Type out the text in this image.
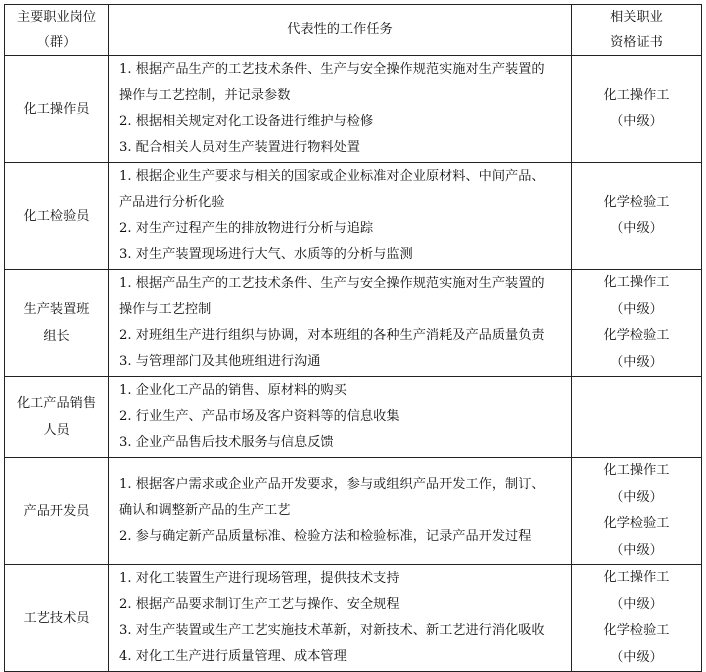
主要职业岗位
（群）	代表性的工作任务	相关职业
资格证书

化工操作员	1. 根据产品生产的工艺技术条件、生产与安全操作规范实施对生产装置的
操作与工艺控制，并记录参数
2. 根据相关规定对化工设备进行维护与检修
3. 配合相关人员对生产装置进行物料处置	化工操作工
（中级）

化工检验员	1. 根据企业生产要求与相关的国家或企业标准对企业原材料、中间产品、
产品进行分析化验
2. 对生产过程产生的排放物进行分析与追踪
3. 对生产装置现场进行大气、水质等的分析与监测	化学检验工
（中级）

生产装置班
组长	1. 根据产品生产的工艺技术条件、生产与安全操作规范实施对生产装置的
操作与工艺控制
2. 对班组生产进行组织与协调，对本班组的各种生产消耗及产品质量负责
3. 与管理部门及其他班组进行沟通	化工操作工
（中级）
化学检验工
（中级）

化工产品销售
人员	1. 企业化工产品的销售、原材料的购买
2. 行业生产、产品市场及客户资料等的信息收集
3. 企业产品售后技术服务与信息反馈	

产品开发员	1. 根据客户需求或企业产品开发要求，参与或组织产品开发工作，制订、
确认和调整新产品的生产工艺
2. 参与确定新产品质量标准、检验方法和检验标准，记录产品开发过程	化工操作工
（中级）
化学检验工
（中级）

工艺技术员	1. 对化工装置生产进行现场管理，提供技术支持
2. 根据产品要求制订生产工艺与操作、安全规程
3. 对生产装置或生产工艺实施技术革新，对新技术、新工艺进行消化吸收
4. 对化工生产进行质量管理、成本管理	化工操作工
（中级）
化学检验工
（中级）
